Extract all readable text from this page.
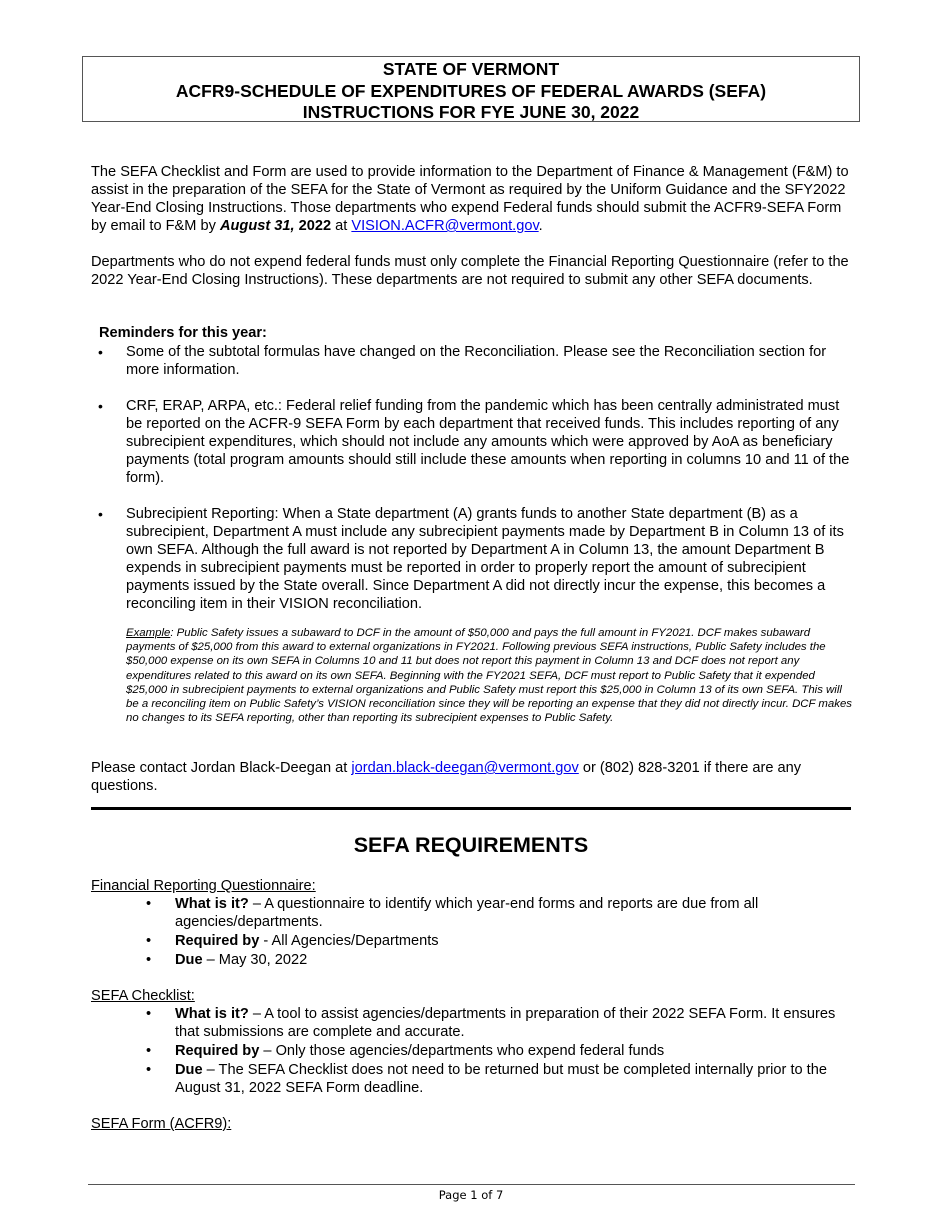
STATE OF VERMONT
ACFR9-SCHEDULE OF EXPENDITURES OF FEDERAL AWARDS (SEFA)
INSTRUCTIONS FOR FYE JUNE 30, 2022
The SEFA Checklist and Form are used to provide information to the Department of Finance & Management (F&M) to assist in the preparation of the SEFA for the State of Vermont as required by the Uniform Guidance and the SFY2022 Year-End Closing Instructions. Those departments who expend Federal funds should submit the ACFR9-SEFA Form by email to F&M by August 31, 2022 at VISION.ACFR@vermont.gov.
Departments who do not expend federal funds must only complete the Financial Reporting Questionnaire (refer to the 2022 Year-End Closing Instructions). These departments are not required to submit any other SEFA documents.
Reminders for this year:
• Some of the subtotal formulas have changed on the Reconciliation. Please see the Reconciliation section for more information.
• CRF, ERAP, ARPA, etc.: Federal relief funding from the pandemic which has been centrally administrated must be reported on the ACFR-9 SEFA Form by each department that received funds. This includes reporting of any subrecipient expenditures, which should not include any amounts which were approved by AoA as beneficiary payments (total program amounts should still include these amounts when reporting in columns 10 and 11 of the form).
• Subrecipient Reporting: When a State department (A) grants funds to another State department (B) as a subrecipient, Department A must include any subrecipient payments made by Department B in Column 13 of its own SEFA. Although the full award is not reported by Department A in Column 13, the amount Department B expends in subrecipient payments must be reported in order to properly report the amount of subrecipient payments issued by the State overall. Since Department A did not directly incur the expense, this becomes a reconciling item in their VISION reconciliation.
Example: Public Safety issues a subaward to DCF in the amount of $50,000 and pays the full amount in FY2021. DCF makes subaward payments of $25,000 from this award to external organizations in FY2021. Following previous SEFA instructions, Public Safety includes the $50,000 expense on its own SEFA in Columns 10 and 11 but does not report this payment in Column 13 and DCF does not report any expenditures related to this award on its own SEFA. Beginning with the FY2021 SEFA, DCF must report to Public Safety that it expended $25,000 in subrecipient payments to external organizations and Public Safety must report this $25,000 in Column 13 of its own SEFA. This will be a reconciling item on Public Safety’s VISION reconciliation since they will be reporting an expense that they did not directly incur. DCF makes no changes to its SEFA reporting, other than reporting its subrecipient expenses to Public Safety.
Please contact Jordan Black-Deegan at jordan.black-deegan@vermont.gov or (802) 828-3201 if there are any questions.
SEFA REQUIREMENTS
Financial Reporting Questionnaire:
• What is it? – A questionnaire to identify which year-end forms and reports are due from all agencies/departments.
• Required by - All Agencies/Departments
• Due – May 30, 2022
SEFA Checklist:
• What is it? – A tool to assist agencies/departments in preparation of their 2022 SEFA Form. It ensures that submissions are complete and accurate.
• Required by – Only those agencies/departments who expend federal funds
• Due – The SEFA Checklist does not need to be returned but must be completed internally prior to the August 31, 2022 SEFA Form deadline.
SEFA Form (ACFR9):
Page 1 of 7
